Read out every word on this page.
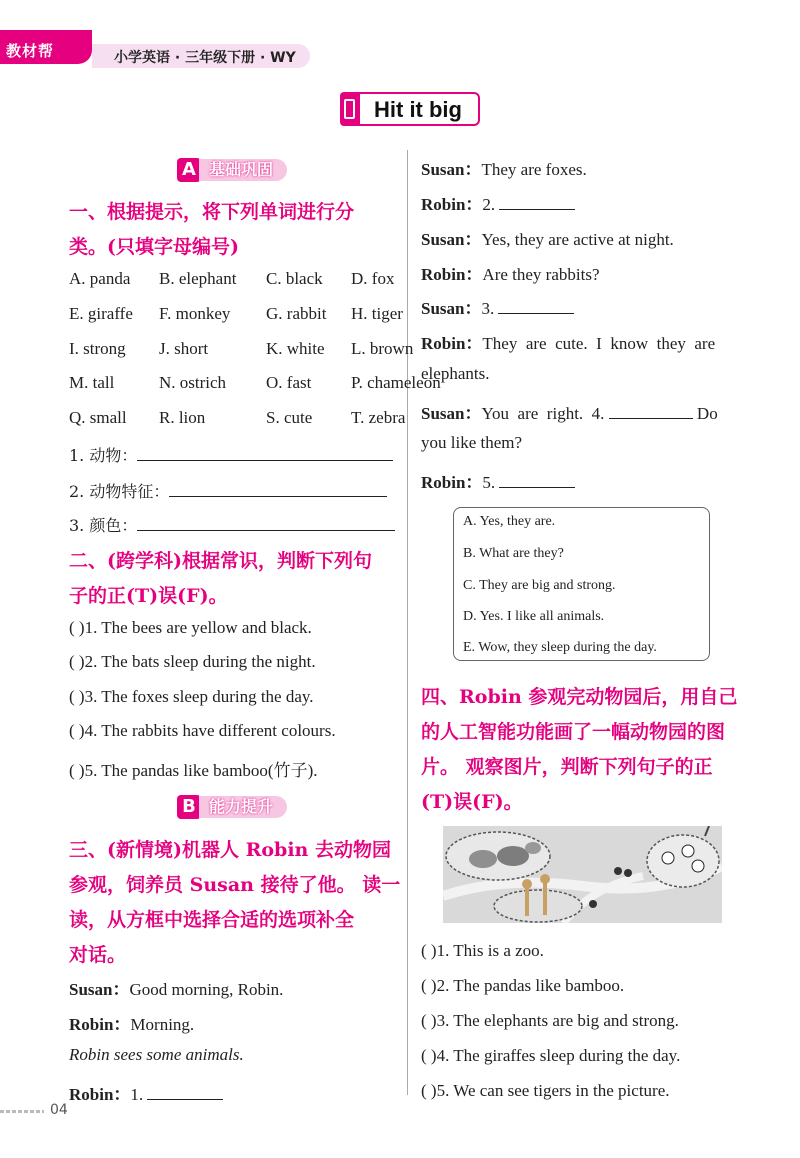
教材帮	小学英语 · 三年级下册 · WY
Hit it big
A 基础巩固
一、根据提示，将下列单词进行分
类。(只填字母编号)
A. panda B. elephant C. black D. fox
E. giraffe F. monkey G. rabbit H. tiger
I. strong J. short	K. white L. brown
M. tall	N. ostrich O. fast P. chameleon
Q. small R. lion	S. cute T. zebra
1. 动物：
2. 动物特征：
3. 颜色：
二、(跨学科)根据常识，判断下列句
子的正(T)误(F)。
( )1. The bees are yellow and black.
( )2. The bats sleep during the night.
( )3. The foxes sleep during the day.
( )4. The rabbits have different colours.
( )5. The pandas like bamboo(竹子).
B 能力提升
三、(新情境)机器人 Robin 去动物园
参观，饲养员 Susan 接待了他。 读一
读，从方框中选择合适的选项补全
对话。
Susan：Good morning, Robin.
Robin：Morning.
Robin sees some animals.
Robin：1.
Susan：They are foxes.
Robin：2.
Susan：Yes, they are active at night.
Robin：Are they rabbits?
Susan：3.
Robin：They  are  cute.  I  know  they  are
elephants.
Susan：You  are  right.  4.	Do
you like them?
Robin：5.
A. Yes, they are.
B. What are they?
C. They are big and strong.
D. Yes. I like all animals.
E. Wow, they sleep during the day.
四、Robin 参观完动物园后，用自己
的人工智能功能画了一幅动物园的图
片。 观察图片，判断下列句子的正
(T)误(F)。
( )1. This is a zoo.
( )2. The pandas like bamboo.
( )3. The elephants are big and strong.
( )4. The giraffes sleep during the day.
( )5. We can see tigers in the picture.
04
